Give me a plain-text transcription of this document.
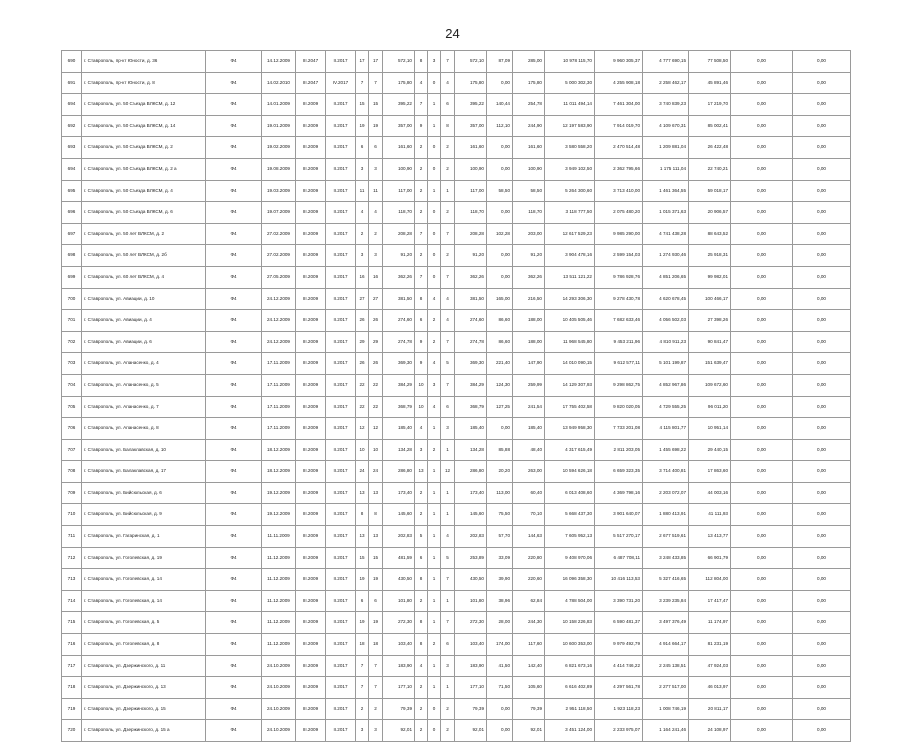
24
690	г. Ставрополь, пр-кт Юности, д. 36	Ф4	14.12.2009	III.2047	II.2017	17	17	572,10	8	3	7	572,10	87,09	285,00	10 978 115,70	9 960 305,37	4 777 690,15	77 508,50	0,00	0,00
691	г. Ставрополь, пр-кт Юности, д. 8	Ф4	14.02.2010	III.2047	IV.2017	7	7	175,80	4	0	4	175,80	0,00	175,80	5 000 302,30	4 255 908,18	2 258 462,17	45 891,46	0,00	0,00
694	г. Ставрополь, ул. 50 Съезда ВЛКСМ, д. 12	Ф4	14.01.2009	III.2009	II.2017	15	15	395,22	7	1	6	395,22	140,44	254,78	11 011 494,14	7 461 304,00	3 740 839,23	17 219,70	0,00	0,00
692	г. Ставрополь, ул. 50 Съезда ВЛКСМ, д. 14	Ф4	19.01.2009	III.2009	II.2017	19	19	357,00	9	1	8	357,00	112,10	244,90	12 197 583,90	7 914 019,70	4 109 670,31	85 002,41	0,00	0,00
693	г. Ставрополь, ул. 50 Съезда ВЛКСМ, д. 2	Ф4	19.02.2009	III.2009	II.2017	6	6	161,60	2	0	2	161,60	0,00	161,60	3 580 558,20	2 470 514,48	1 209 881,04	26 422,48	0,00	0,00
694	г. Ставрополь, ул. 50 Съезда ВЛКСМ, д. 2 а	Ф4	19.08.2009	III.2009	II.2017	3	3	100,90	2	0	2	100,90	0,00	100,90	3 949 102,50	2 362 795,66	1 175 111,04	22 740,21	0,00	0,00
695	г. Ставрополь, ул. 50 Съезда ВЛКСМ, д. 4	Ф4	19.03.2009	III.2009	II.2017	11	11	117,00	2	1	1	117,00	58,50	58,50	5 264 300,60	3 713 410,00	1 461 364,55	59 018,17	0,00	0,00
696	г. Ставрополь, ул. 50 Съезда ВЛКСМ, д. 6	Ф4	19.07.2009	III.2009	II.2017	4	4	118,70	2	0	2	118,70	0,00	118,70	3 118 777,50	2 075 480,20	1 015 371,63	20 906,57	0,00	0,00
697	г. Ставрополь, ул. 50 лет ВЛКСМ, д. 2	Ф4	27.02.2009	III.2009	II.2017	2	2	208,28	7	0	7	208,28	102,28	203,00	12 617 529,23	9 985 290,00	4 741 438,28	88 643,52	0,00	0,00
698	г. Ставрополь, ул. 50 лет ВЛКСМ, д. 2б	Ф4	27.02.2009	III.2009	II.2017	3	3	91,20	2	0	2	91,20	0,00	91,20	3 904 478,16	2 599 154,03	1 274 930,46	25 918,31	0,00	0,00
699	г. Ставрополь, ул. 60 лет ВЛКСМ, д. 4	Ф4	27.05.2009	III.2009	II.2017	16	16	362,26	7	0	7	362,26	0,00	362,26	13 511 121,22	9 786 928,76	4 851 206,65	99 982,01	0,00	0,00
700	г. Ставрополь, ул. Авиации, д. 10	Ф4	24.12.2009	III.2009	II.2017	27	27	381,50	8	4	4	381,50	165,00	216,50	14 293 306,30	9 278 430,78	4 620 678,45	100 466,17	0,00	0,00
701	г. Ставрополь, ул. Авиации, д. 4	Ф4	24.12.2009	III.2009	II.2017	26	26	274,60	6	2	4	274,60	86,60	188,00	10 405 505,46	7 682 633,46	4 056 502,03	27 398,26	0,00	0,00
702	г. Ставрополь, ул. Авиации, д. 6	Ф4	24.12.2009	III.2009	II.2017	29	29	274,78	9	2	7	274,78	86,60	188,00	11 968 545,80	9 453 211,96	4 810 911,23	90 841,47	0,00	0,00
703	г. Ставрополь, ул. Апанасенко, д. 4	Ф4	17.11.2009	III.2009	II.2017	26	26	369,30	9	4	5	369,30	221,40	147,90	14 010 090,15	9 612 577,11	5 101 199,87	151 639,47	0,00	0,00
704	г. Ставрополь, ул. Апанасенко, д. 5	Ф4	17.11.2009	III.2009	II.2017	22	22	384,29	10	3	7	384,29	124,30	259,99	14 129 307,93	9 298 862,75	4 852 967,86	109 672,60	0,00	0,00
705	г. Ставрополь, ул. Апанасенко, д. 7	Ф4	17.11.2009	III.2009	II.2017	22	22	368,79	10	4	6	368,79	127,25	241,54	17 755 402,58	9 820 020,05	4 729 555,25	96 011,20	0,00	0,00
706	г. Ставрополь, ул. Апанасенко, д. 8	Ф4	17.11.2009	III.2009	II.2017	12	12	185,40	4	1	3	185,40	0,00	185,40	13 949 958,30	7 733 201,08	4 115 801,77	10 951,14	0,00	0,00
707	г. Ставрополь, ул. Балаклавская, д. 10	Ф4	18.12.2009	III.2009	II.2017	10	10	134,28	3	2	1	134,28	85,88	48,40	4 317 615,49	2 811 203,05	1 455 698,22	29 440,15	0,00	0,00
708	г. Ставрополь, ул. Балаклавская, д. 17	Ф4	18.12.2009	III.2009	II.2017	24	24	286,80	13	1	12	286,80	20,20	263,00	10 594 626,18	6 659 323,35	3 714 400,81	17 863,60	0,00	0,00
709	г. Ставрополь, ул. Бийсюльская, д. 6	Ф4	19.12.2009	III.2009	II.2017	13	13	173,40	2	1	1	173,40	113,00	60,40	6 013 408,60	4 369 798,16	2 203 072,07	44 003,16	0,00	0,00
710	г. Ставрополь, ул. Бийсюльская, д. 9	Ф4	19.12.2009	III.2009	II.2017	8	8	145,60	2	1	1	145,60	75,50	70,10	5 668 437,30	3 901 640,07	1 880 413,91	41 111,93	0,00	0,00
711	г. Ставрополь, ул. Гагаринская, д. 1	Ф4	11.11.2009	III.2009	II.2017	13	13	202,83	5	1	4	202,83	57,70	144,63	7 605 952,13	5 517 270,17	2 677 519,61	13 413,77	0,00	0,00
712	г. Ставрополь, ул. Гоголевская, д. 19	Ф4	11.12.2009	III.2009	II.2017	15	15	481,59	6	1	5	253,89	33,09	220,80	9 408 970,06	6 487 708,11	3 248 433,85	66 901,79	0,00	0,00
713	г. Ставрополь, ул. Гоголевская, д. 14	Ф4	11.12.2009	III.2009	II.2017	19	19	430,50	8	1	7	430,50	39,90	220,60	16 096 358,30	10 416 113,53	5 327 416,65	112 804,00	0,00	0,00
714	г. Ставрополь, ул. Гоголевская, д. 14	Ф4	11.12.2009	III.2009	II.2017	6	6	101,80	2	1	1	101,80	38,96	62,84	4 788 504,00	3 390 731,20	3 239 235,84	17 417,47	0,00	0,00
715	г. Ставрополь, ул. Гоголевская, д. 5	Ф4	11.12.2009	III.2009	II.2017	19	19	272,30	8	1	7	272,30	28,00	244,30	10 158 226,83	6 590 481,37	3 497 376,49	11 174,97	0,00	0,00
716	г. Ставрополь, ул. Гоголевская, д. 8	Ф4	11.12.2009	III.2009	II.2017	18	18	103,40	8	2	6	103,40	174,00	117,60	10 600 353,00	9 979 492,79	4 914 664,17	81 231,19	0,00	0,00
717	г. Ставрополь, ул. Дзержинского, д. 11	Ф4	24.10.2009	III.2009	II.2017	7	7	183,90	4	1	3	183,90	41,50	142,40	6 821 673,16	4 414 746,22	2 245 138,51	47 924,03	0,00	0,00
718	г. Ставрополь, ул. Дзержинского, д. 13	Ф4	24.10.2009	III.2009	II.2017	7	7	177,10	2	1	1	177,10	71,50	105,60	6 616 402,89	4 297 561,78	2 277 517,00	46 013,97	0,00	0,00
719	г. Ставрополь, ул. Дзержинского, д. 15	Ф4	24.10.2009	III.2009	II.2017	2	2	79,39	2	0	2	79,39	0,00	79,39	2 951 118,50	1 923 118,23	1 008 746,19	20 811,17	0,00	0,00
720	г. Ставрополь, ул. Дзержинского, д. 15 а	Ф4	24.10.2009	III.2009	II.2017	3	3	92,01	2	0	2	92,01	0,00	92,01	3 451 124,00	2 233 975,07	1 164 241,46	24 108,97	0,00	0,00
